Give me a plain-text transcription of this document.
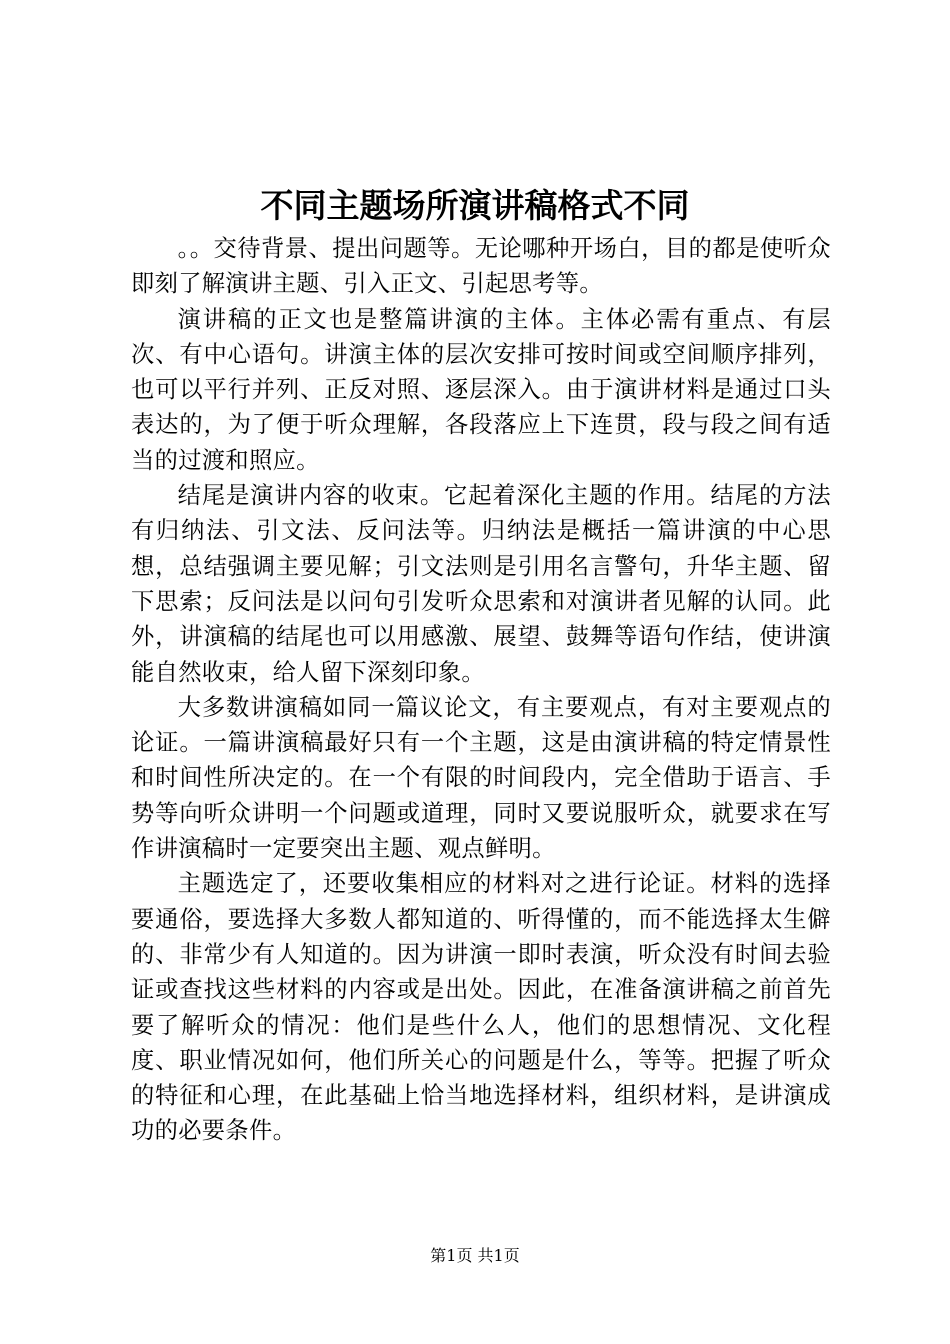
不同主题场所演讲稿格式不同

。。交待背景、提出问题等。无论哪种开场白，目的都是使听众即刻了解演讲主题、引入正文、引起思考等。

演讲稿的正文也是整篇讲演的主体。主体必需有重点、有层次、有中心语句。讲演主体的层次安排可按时间或空间顺序排列，也可以平行并列、正反对照、逐层深入。由于演讲材料是通过口头表达的，为了便于听众理解，各段落应上下连贯，段与段之间有适当的过渡和照应。

结尾是演讲内容的收束。它起着深化主题的作用。结尾的方法有归纳法、引文法、反问法等。归纳法是概括一篇讲演的中心思想，总结强调主要见解；引文法则是引用名言警句，升华主题、留下思索；反问法是以问句引发听众思索和对演讲者见解的认同。此外，讲演稿的结尾也可以用感激、展望、鼓舞等语句作结，使讲演能自然收束，给人留下深刻印象。

大多数讲演稿如同一篇议论文，有主要观点，有对主要观点的论证。一篇讲演稿最好只有一个主题，这是由演讲稿的特定情景性和时间性所决定的。在一个有限的时间段内，完全借助于语言、手势等向听众讲明一个问题或道理，同时又要说服听众，就要求在写作讲演稿时一定要突出主题、观点鲜明。

主题选定了，还要收集相应的材料对之进行论证。材料的选择要通俗，要选择大多数人都知道的、听得懂的，而不能选择太生僻的、非常少有人知道的。因为讲演一即时表演，听众没有时间去验证或查找这些材料的内容或是出处。因此，在准备演讲稿之前首先要了解听众的情况：他们是些什么人，他们的思想情况、文化程度、职业情况如何，他们所关心的问题是什么，等等。把握了听众的特征和心理，在此基础上恰当地选择材料，组织材料，是讲演成功的必要条件。

第1页 共1页
